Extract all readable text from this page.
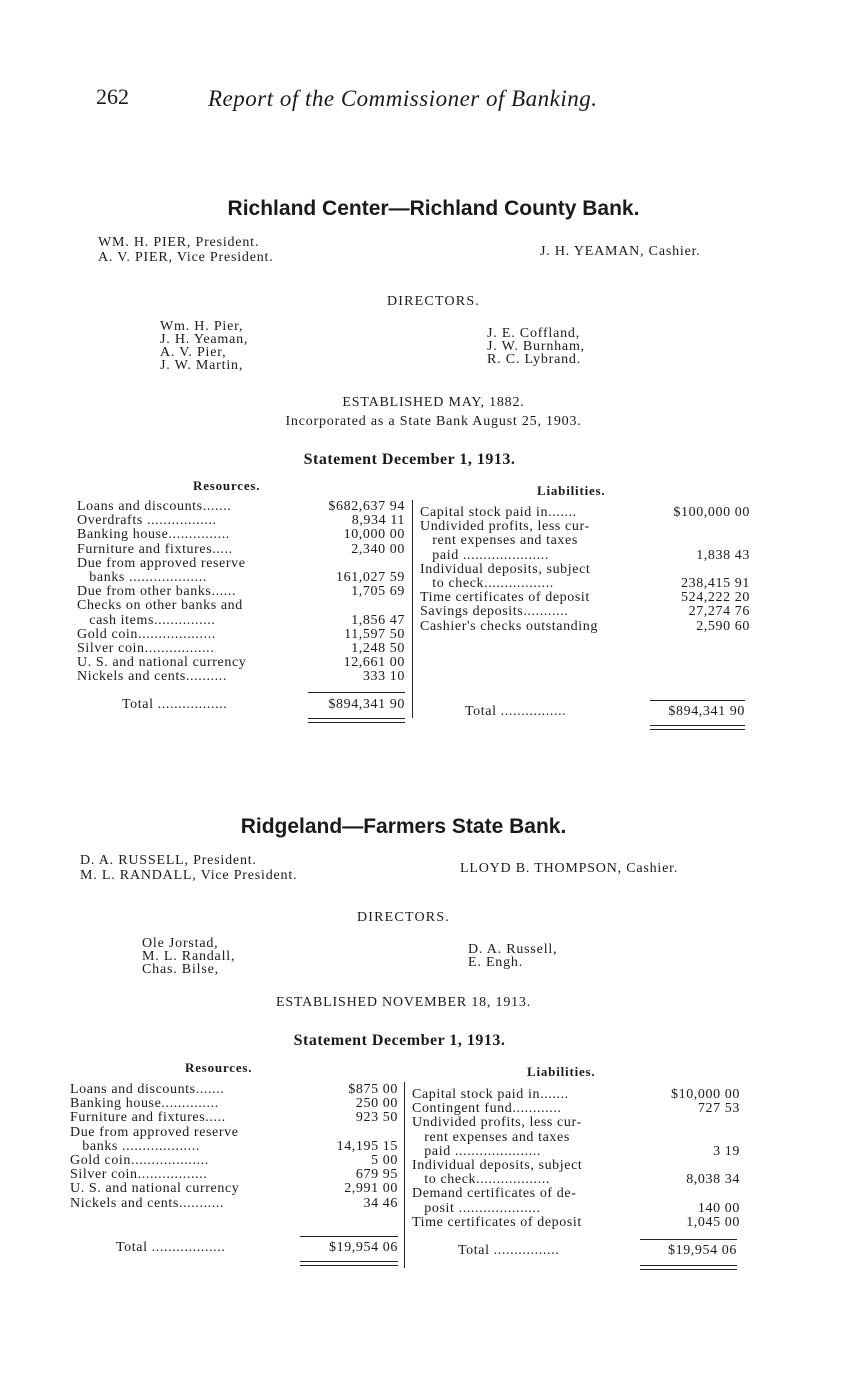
262	Report of the Commissioner of Banking.
Richland Center—Richland County Bank.
WM. H. PIER, President.
A. V. PIER, Vice President.	J. H. YEAMAN, Cashier.
DIRECTORS.
Wm. H. Pier,
J. H. Yeaman,
A. V. Pier,
J. W. Martin,
J. E. Coffland,
J. W. Burnham,
R. C. Lybrand.
ESTABLISHED MAY, 1882.
Incorporated as a State Bank August 25, 1903.
Statement December 1, 1913.
Resources.	Liabilities.
Loans and discounts.......	$682,637 94
Overdrafts .................	8,934 11
Banking house...............	10,000 00
Furniture and fixtures.....	2,340 00
Due from approved reserve
banks ...................	161,027 59
Due from other banks......	1,705 69
Checks on other banks and
cash items...............	1,856 47
Gold coin...................	11,597 50
Silver coin.................	1,248 50
U. S. and national currency	12,661 00
Nickels and cents..........	333 10
Total .................	$894,341 90
Capital stock paid in.......	$100,000 00
Undivided profits, less cur-
rent expenses and taxes
paid .....................	1,838 43
Individual deposits, subject
to check.................	238,415 91
Time certificates of deposit	524,222 20
Savings deposits...........	27,274 76
Cashier's checks outstanding	2,590 60
Total ................	$894,341 90
Ridgeland—Farmers State Bank.
D. A. RUSSELL, President.
M. L. RANDALL, Vice President.	LLOYD B. THOMPSON, Cashier.
DIRECTORS.
Ole Jorstad,
M. L. Randall,
Chas. Bilse,
D. A. Russell,
E. Engh.
ESTABLISHED NOVEMBER 18, 1913.
Statement December 1, 1913.
Resources.	Liabilities.
Loans and discounts.......	$875 00
Banking house..............	250 00
Furniture and fixtures.....	923 50
Due from approved reserve
banks ...................	14,195 15
Gold coin...................	5 00
Silver coin.................	679 95
U. S. and national currency	2,991 00
Nickels and cents...........	34 46
Total ..................	$19,954 06
Capital stock paid in.......	$10,000 00
Contingent fund............	727 53
Undivided profits, less cur-
rent expenses and taxes
paid .....................	3 19
Individual deposits, subject
to check..................	8,038 34
Demand certificates of de-
posit ....................	140 00
Time certificates of deposit	1,045 00
Total ................	$19,954 06
